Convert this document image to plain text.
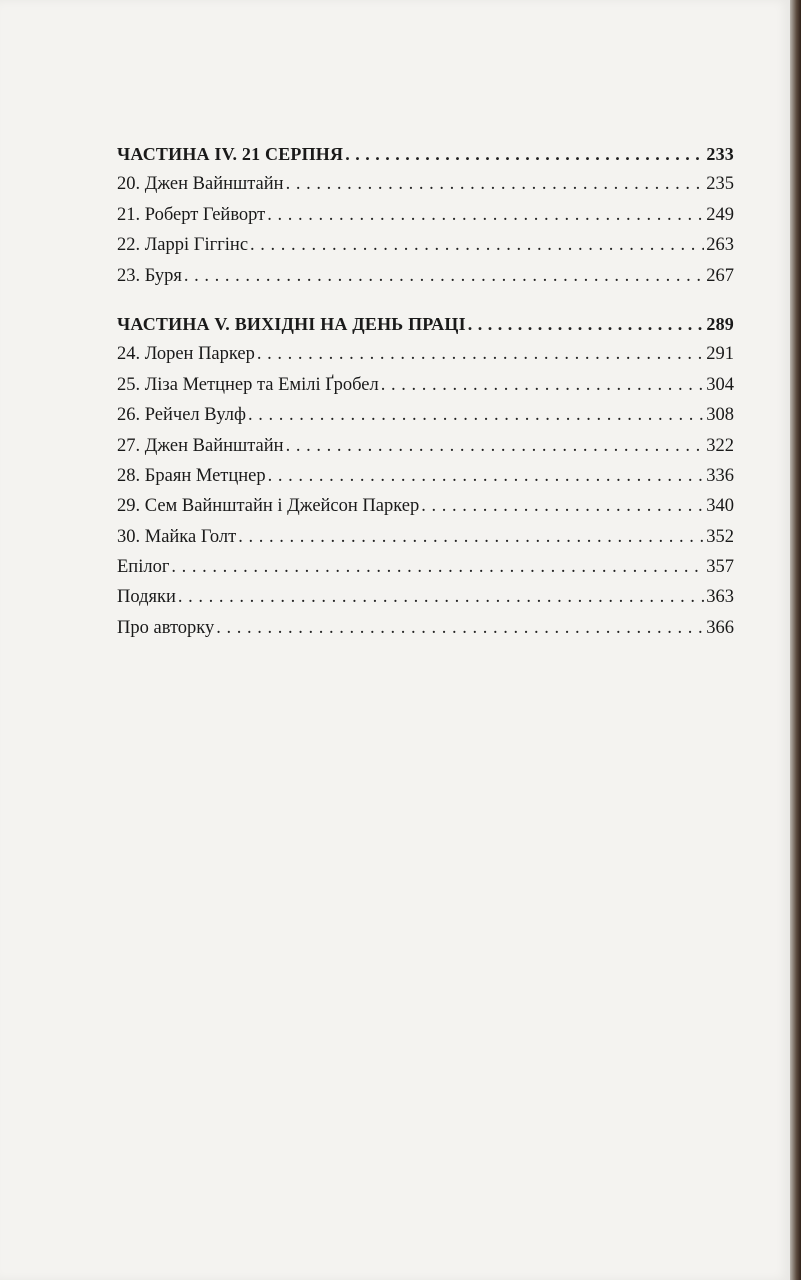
ЧАСТИНА IV. 21 СЕРПНЯ . . .	233
20. Джен Вайнштайн . . .	235
21. Роберт Гейворт . . .	249
22. Ларрі Гіггінс . . .	263
23. Буря . . .	267
ЧАСТИНА V. ВИХІДНІ НА ДЕНЬ ПРАЦІ . . .	289
24. Лорен Паркер . . .	291
25. Ліза Метцнер та Емілі Ґробел . . .	304
26. Рейчел Вулф . . .	308
27. Джен Вайнштайн . . .	322
28. Браян Метцнер . . .	336
29. Сем Вайнштайн і Джейсон Паркер . . .	340
30. Майка Голт . . .	352
Епілог . . .	357
Подяки . . .	363
Про авторку . . .	366
